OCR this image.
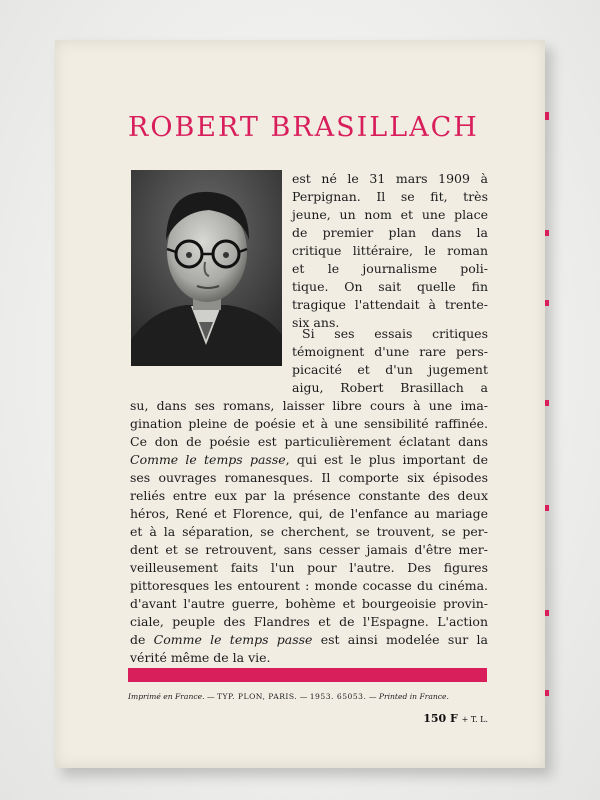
ROBERT BRASILLACH
est né le 31 mars 1909 à
Perpignan. Il se fit, très
jeune, un nom et une place
de premier plan dans la
critique littéraire, le roman
et le journalisme poli-
tique. On sait quelle fin
tragique l'attendait à trente-
six ans.
Si ses essais critiques
témoignent d'une rare pers-
picacité et d'un jugement
aigu, Robert Brasillach a
su, dans ses romans, laisser libre cours à une ima-
gination pleine de poésie et à une sensibilité raffinée.
Ce don de poésie est particulièrement éclatant dans
Comme le temps passe, qui est le plus important de
ses ouvrages romanesques. Il comporte six épisodes
reliés entre eux par la présence constante des deux
héros, René et Florence, qui, de l'enfance au mariage
et à la séparation, se cherchent, se trouvent, se per-
dent et se retrouvent, sans cesser jamais d'être mer-
veilleusement faits l'un pour l'autre. Des figures
pittoresques les entourent : monde cocasse du cinéma.
d'avant l'autre guerre, bohème et bourgeoisie provin-
ciale, peuple des Flandres et de l'Espagne. L'action
de Comme le temps passe est ainsi modelée sur la
vérité même de la vie.
Imprimé en France. — TYP. PLON, PARIS. — 1953. 65053. — Printed in France.
150 F + T. L.
